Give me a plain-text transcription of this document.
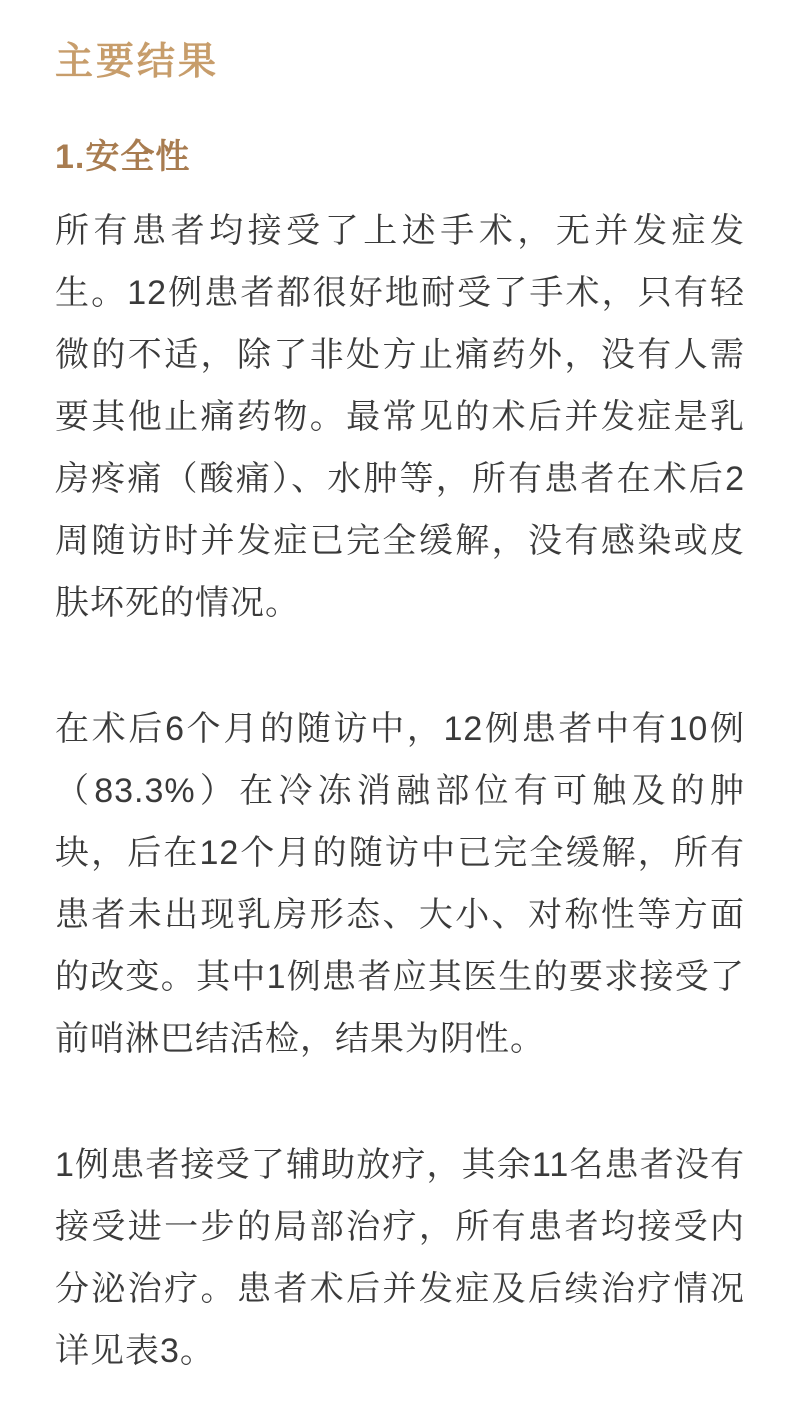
主要结果
1.安全性

所有患者均接受了上述手术，无并发症发生。12例患者都很好地耐受了手术，只有轻微的不适，除了非处方止痛药外，没有人需要其他止痛药物。最常见的术后并发症是乳房疼痛（酸痛）、水肿等，所有患者在术后2周随访时并发症已完全缓解，没有感染或皮肤坏死的情况。

在术后6个月的随访中，12例患者中有10例（83.3%）在冷冻消融部位有可触及的肿块，后在12个月的随访中已完全缓解，所有患者未出现乳房形态、大小、对称性等方面的改变。其中1例患者应其医生的要求接受了前哨淋巴结活检，结果为阴性。

1例患者接受了辅助放疗，其余11名患者没有接受进一步的局部治疗，所有患者均接受内分泌治疗。患者术后并发症及后续治疗情况详见表3。
